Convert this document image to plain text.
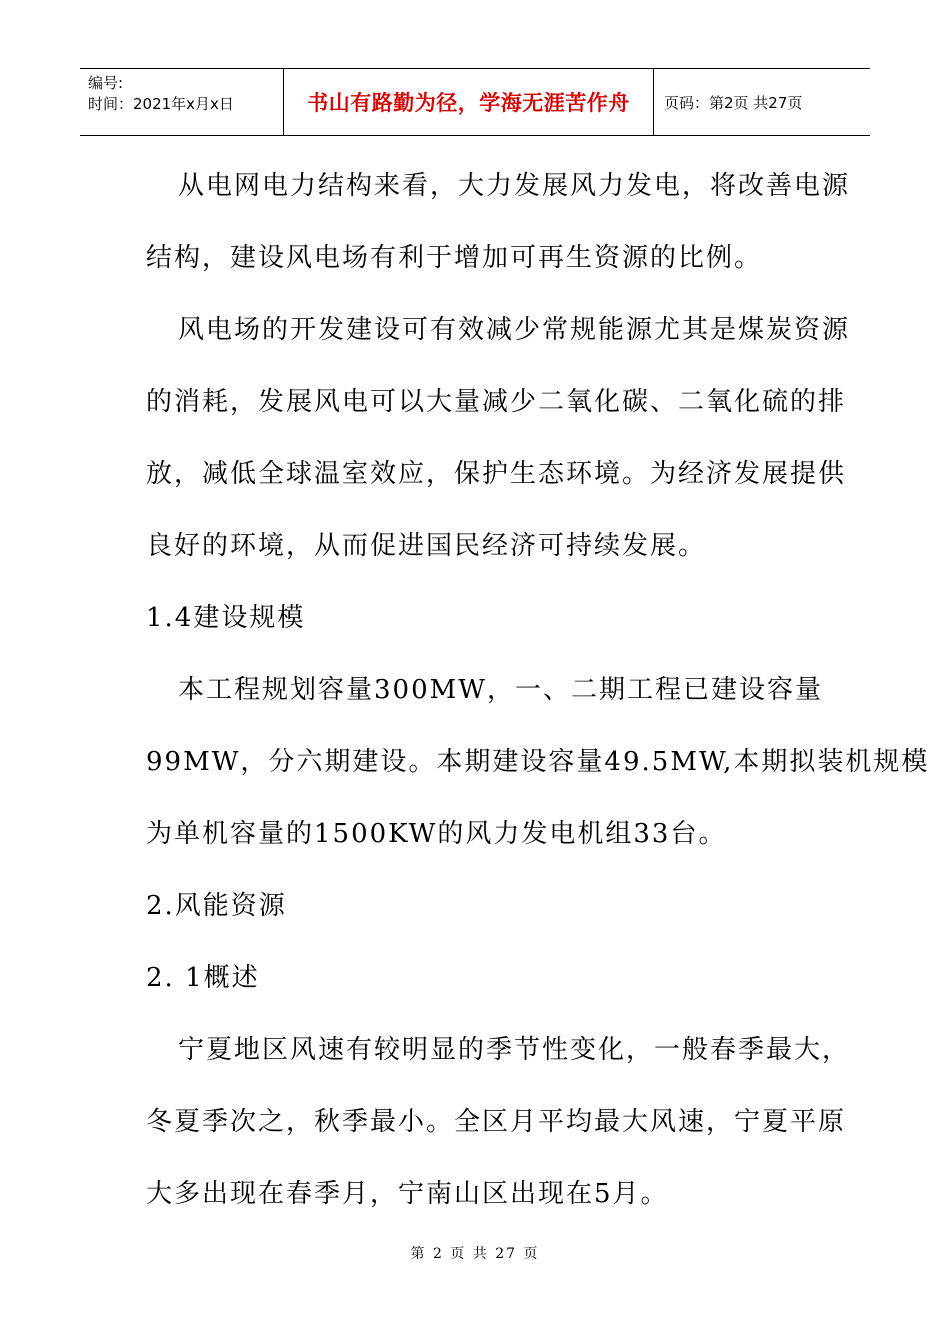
编号:
时间：2021年x月x日	书山有路勤为径，学海无涯苦作舟 页码：第2页 共27页
从电网电力结构来看，大力发展风力发电，将改善电源
结构，建设风电场有利于增加可再生资源的比例。
风电场的开发建设可有效减少常规能源尤其是煤炭资源
的消耗，发展风电可以大量减少二氧化碳、二氧化硫的排
放，减低全球温室效应，保护生态环境。为经济发展提供
良好的环境，从而促进国民经济可持续发展。
1.4建设规模
本工程规划容量300MW，一、二期工程已建设容量
99MW，分六期建设。本期建设容量49.5MW,本期拟装机规模
为单机容量的1500KW的风力发电机组33台。
2.风能资源
2. 1概述
宁夏地区风速有较明显的季节性变化，一般春季最大，
冬夏季次之，秋季最小。全区月平均最大风速，宁夏平原
大多出现在春季月，宁南山区出现在5月。
第 2 页 共 27 页
